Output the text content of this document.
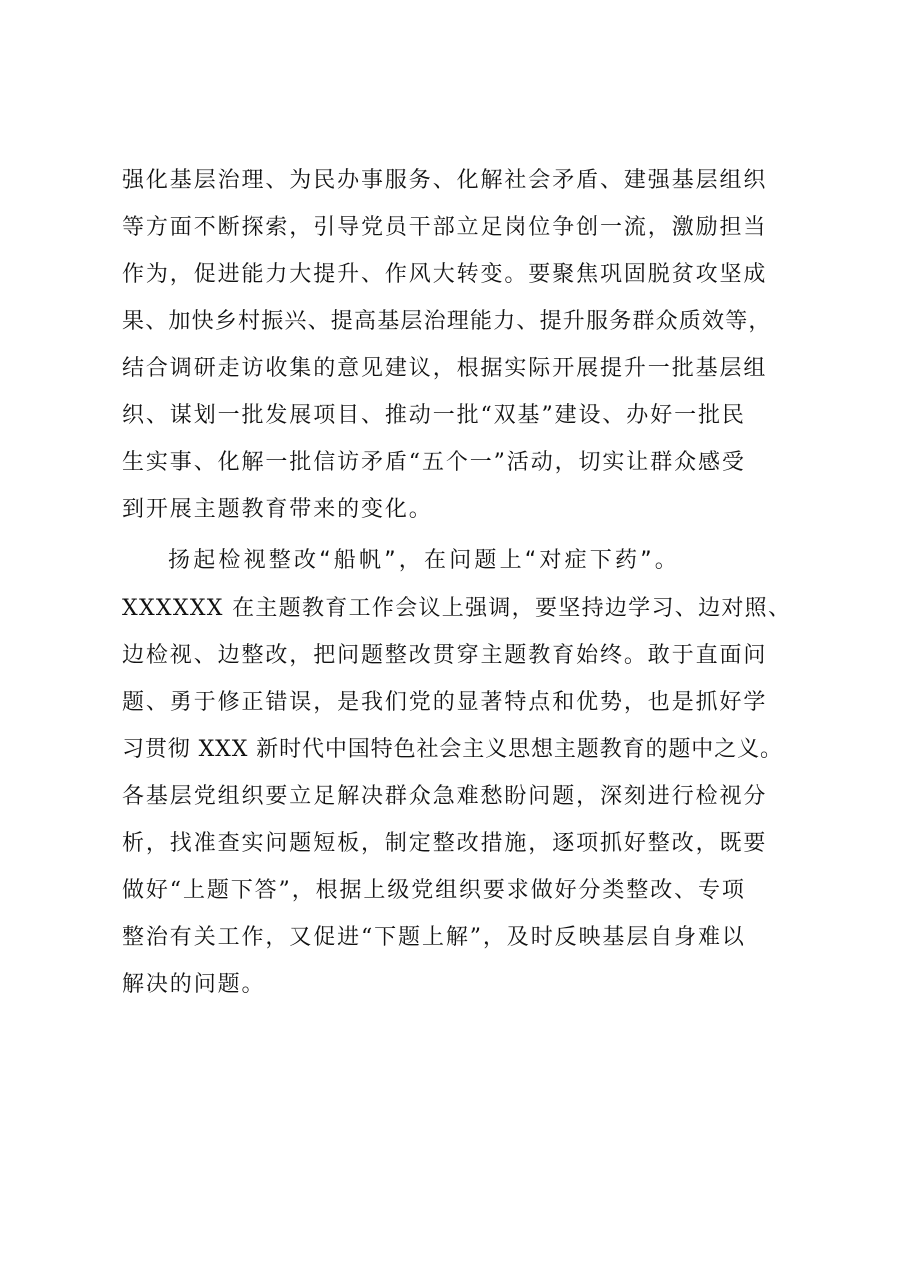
强化基层治理、为民办事服务、化解社会矛盾、建强基层组织
等方面不断探索，引导党员干部立足岗位争创一流，激励担当
作为，促进能力大提升、作风大转变。要聚焦巩固脱贫攻坚成
果、加快乡村振兴、提高基层治理能力、提升服务群众质效等，
结合调研走访收集的意见建议，根据实际开展提升一批基层组
织、谋划一批发展项目、推动一批“双基”建设、办好一批民
生实事、化解一批信访矛盾“五个一”活动，切实让群众感受
到开展主题教育带来的变化。
扬起检视整改“船帆”，在问题上“对症下药”。
XXXXXX 在主题教育工作会议上强调，要坚持边学习、边对照、
边检视、边整改，把问题整改贯穿主题教育始终。敢于直面问
题、勇于修正错误，是我们党的显著特点和优势，也是抓好学
习贯彻 XXX 新时代中国特色社会主义思想主题教育的题中之义。
各基层党组织要立足解决群众急难愁盼问题，深刻进行检视分
析，找准查实问题短板，制定整改措施，逐项抓好整改，既要
做好“上题下答”，根据上级党组织要求做好分类整改、专项
整治有关工作，又促进“下题上解”，及时反映基层自身难以
解决的问题。
